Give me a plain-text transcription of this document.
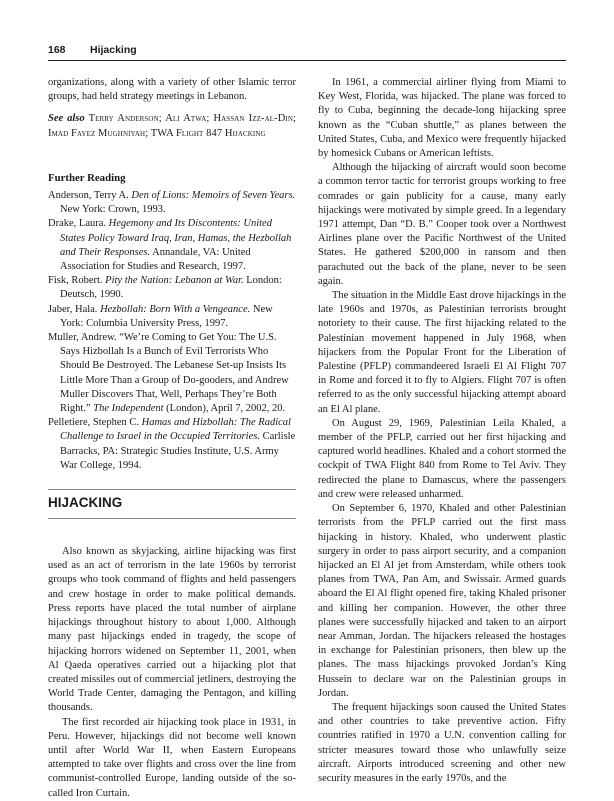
168 Hijacking

organizations, along with a variety of other Islamic terror groups, had held strategy meetings in Lebanon.

See also Terry Anderson; Ali Atwa; Hassan Izz-al-Din; Imad Fayez Mughniyah; TWA Flight 847 Hijacking

Further Reading

Anderson, Terry A. Den of Lions: Memoirs of Seven Years. New York: Crown, 1993.

Drake, Laura. Hegemony and Its Discontents: United States Policy Toward Iraq, Iran, Hamas, the Hezbollah and Their Responses. Annandale, VA: United Association for Studies and Research, 1997.

Fisk, Robert. Pity the Nation: Lebanon at War. London: Deutsch, 1990.

Jaber, Hala. Hezbollah: Born With a Vengeance. New York: Columbia University Press, 1997.

Muller, Andrew. “We’re Coming to Get You: The U.S. Says Hizbollah Is a Bunch of Evil Terrorists Who Should Be Destroyed. The Lebanese Set-up Insists Its Little More Than a Group of Do-gooders, and Andrew Muller Discovers That, Well, Perhaps They’re Both Right.” The Independent (London), April 7, 2002, 20.

Pelletiere, Stephen C. Hamas and Hizbollah: The Radical Challenge to Israel in the Occupied Territories. Carlisle Barracks, PA: Strategic Studies Institute, U.S. Army War College, 1994.

HIJACKING

Also known as skyjacking, airline hijacking was first used as an act of terrorism in the late 1960s by terrorist groups who took command of flights and held passengers and crew hostage in order to make political demands. Press reports have placed the total number of airplane hijackings throughout history to about 1,000. Although many past hijackings ended in tragedy, the scope of hijacking horrors widened on September 11, 2001, when Al Qaeda operatives carried out a hijacking plot that created missiles out of commercial jetliners, destroying the World Trade Center, damaging the Pentagon, and killing thousands.

The first recorded air hijacking took place in 1931, in Peru. However, hijackings did not become well known until after World War II, when Eastern Europeans attempted to take over flights and cross over the line from communist-controlled Europe, landing outside of the so-called Iron Curtain.

In 1961, a commercial airliner flying from Miami to Key West, Florida, was hijacked. The plane was forced to fly to Cuba, beginning the decade-long hijacking spree known as the “Cuban shuttle,” as planes between the United States, Cuba, and Mexico were frequently hijacked by homesick Cubans or American leftists.

Although the hijacking of aircraft would soon become a common terror tactic for terrorist groups working to free comrades or gain publicity for a cause, many early hijackings were motivated by simple greed. In a legendary 1971 attempt, Dan “D. B.” Cooper took over a Northwest Airlines plane over the Pacific Northwest of the United States. He gathered $200,000 in ransom and then parachuted out the back of the plane, never to be seen again.

The situation in the Middle East drove hijackings in the late 1960s and 1970s, as Palestinian terrorists brought notoriety to their cause. The first hijacking related to the Palestinian movement happened in July 1968, when hijackers from the Popular Front for the Liberation of Palestine (PFLP) commandeered Israeli El Al Flight 707 in Rome and forced it to fly to Algiers. Flight 707 is often referred to as the only successful hijacking attempt aboard an El Al plane.

On August 29, 1969, Palestinian Leila Khaled, a member of the PFLP, carried out her first hijacking and captured world headlines. Khaled and a cohort stormed the cockpit of TWA Flight 840 from Rome to Tel Aviv. They redirected the plane to Damascus, where the passengers and crew were released unharmed.

On September 6, 1970, Khaled and other Palestinian terrorists from the PFLP carried out the first mass hijacking in history. Khaled, who underwent plastic surgery in order to pass airport security, and a companion hijacked an El Al jet from Amsterdam, while others took planes from TWA, Pan Am, and Swissair. Armed guards aboard the El Al flight opened fire, taking Khaled prisoner and killing her companion. However, the other three planes were successfully hijacked and taken to an airport near Amman, Jordan. The hijackers released the hostages in exchange for Palestinian prisoners, then blew up the planes. The mass hijackings provoked Jordan’s King Hussein to declare war on the Palestinian groups in Jordan.

The frequent hijackings soon caused the United States and other countries to take preventive action. Fifty countries ratified in 1970 a U.N. convention calling for stricter measures toward those who unlawfully seize aircraft. Airports introduced screening and other new security measures in the early 1970s, and the
